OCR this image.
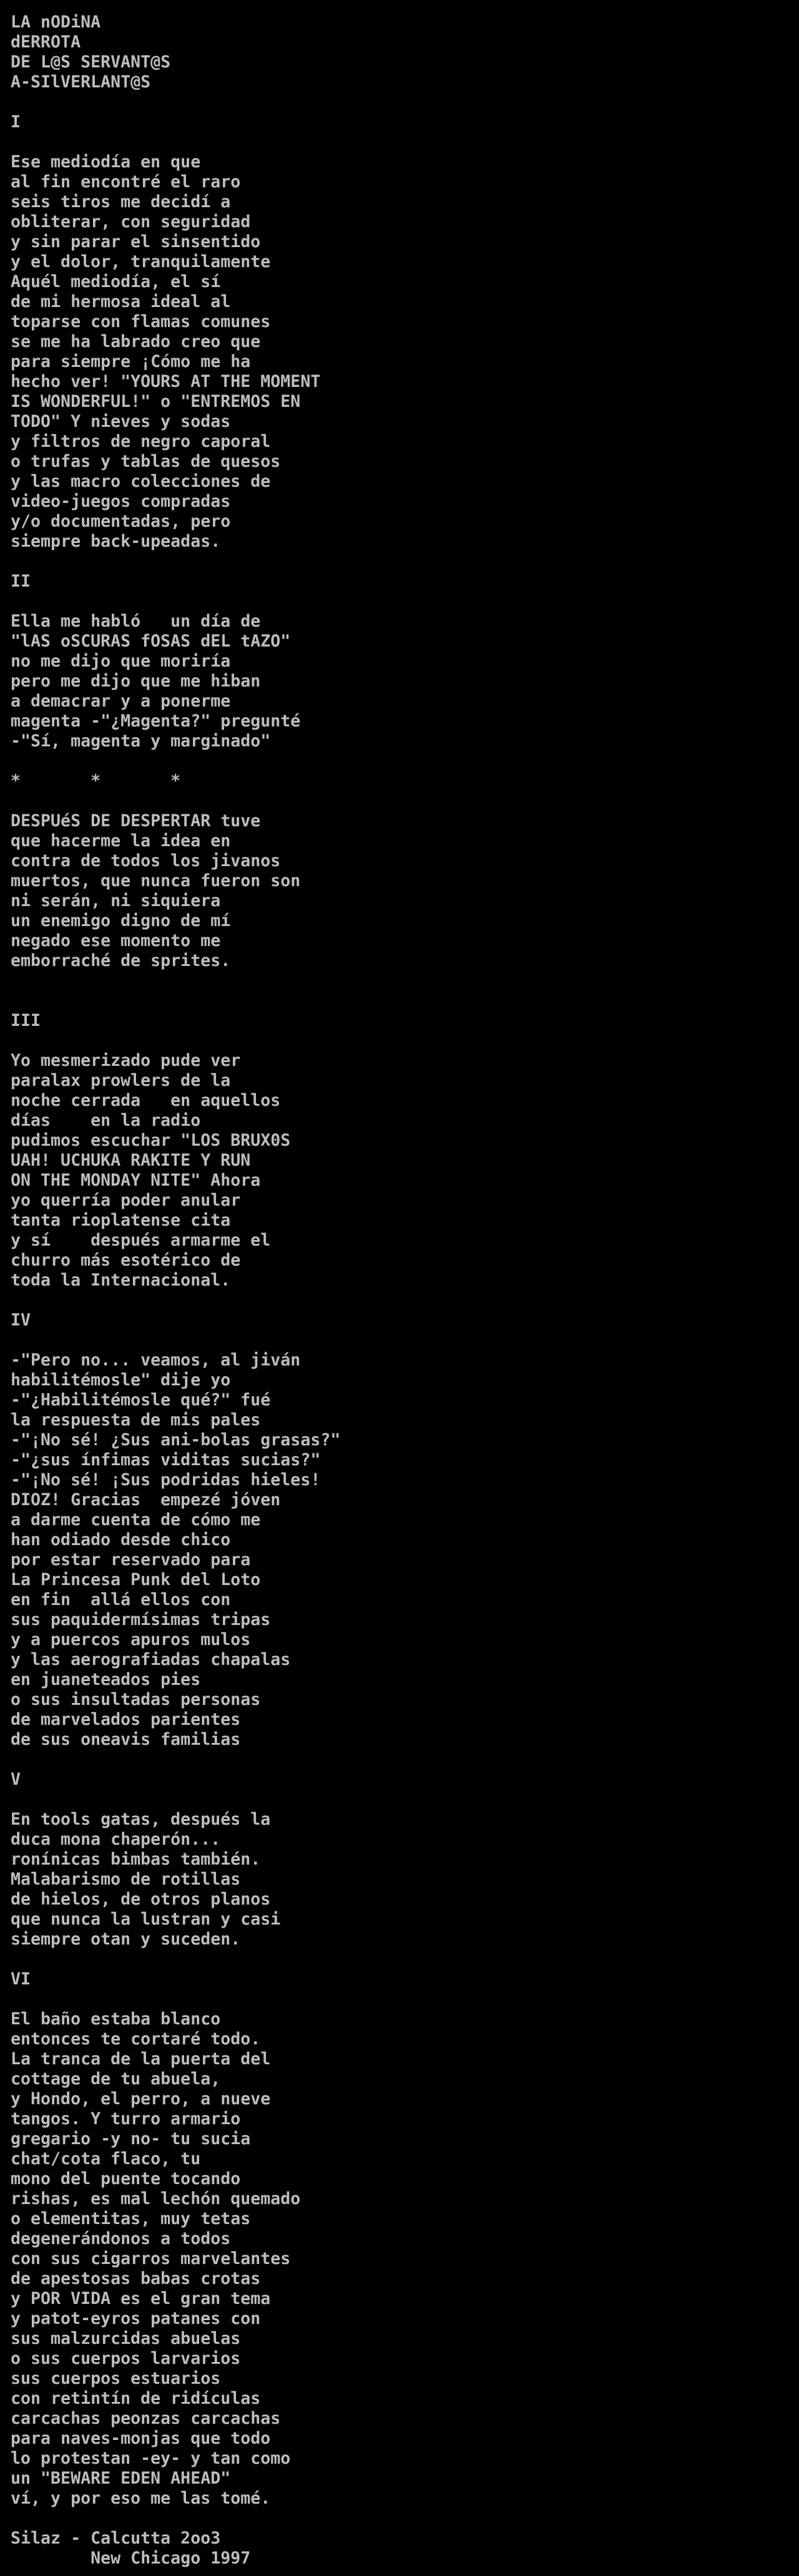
LA nODiNA
dERROTA
DE L@S SERVANT@S
A-SIlVERLANT@S
I
Ese mediodía en que
al fin encontré el raro
seis tiros me decidí a
obliterar, con seguridad
y sin parar el sinsentido
y el dolor, tranquilamente
Aquél mediodía, el sí
de mi hermosa ideal al
toparse con flamas comunes
se me ha labrado creo que
para siempre ¡Cómo me ha
hecho ver! "YOURS AT THE MOMENT
IS WONDERFUL!" o "ENTREMOS EN
TODO" Y nieves y sodas
y filtros de negro caporal
o trufas y tablas de quesos
y las macro colecciones de
video-juegos compradas
y/o documentadas, pero
siempre back-upeadas.
II
Ella me habló   un día de
"lAS oSCURAS fOSAS dEL tAZO"
no me dijo que moriría
pero me dijo que me hiban
a demacrar y a ponerme
magenta -"¿Magenta?" pregunté
-"Sí, magenta y marginado"
*       *       *
DESPUéS DE DESPERTAR tuve
que hacerme la idea en
contra de todos los jivanos
muertos, que nunca fueron son
ni serán, ni siquiera
un enemigo digno de mí
negado ese momento me
emborraché de sprites.
III
Yo mesmerizado pude ver
paralax prowlers de la
noche cerrada   en aquellos
días    en la radio
pudimos escuchar "LOS BRUX0S
UAH! UCHUKA RAKITE Y RUN
ON THE MONDAY NITE" Ahora
yo querría poder anular
tanta rioplatense cita
y sí    después armarme el
churro más esotérico de
toda la Internacional.
IV
-"Pero no... veamos, al jiván
habilitémosle" dije yo
-"¿Habilitémosle qué?" fué
la respuesta de mis pales
-"¡No sé! ¿Sus ani-bolas grasas?"
-"¿sus ínfimas viditas sucias?"
-"¡No sé! ¡Sus podridas hieles!
DIOZ! Gracias  empezé jóven
a darme cuenta de cómo me
han odiado desde chico
por estar reservado para
La Princesa Punk del Loto
en fin  allá ellos con
sus paquidermísimas tripas
y a puercos apuros mulos
y las aerografiadas chapalas
en juaneteados pies
o sus insultadas personas
de marvelados parientes
de sus oneavis familias
V
En tools gatas, después la
duca mona chaperón...
ronínicas bimbas también.
Malabarismo de rotillas
de hielos, de otros planos
que nunca la lustran y casi
siempre otan y suceden.
VI
El baño estaba blanco
entonces te cortaré todo.
La tranca de la puerta del
cottage de tu abuela,
y Hondo, el perro, a nueve
tangos. Y turro armario
gregario -y no- tu sucia
chat/cota flaco, tu
mono del puente tocando
rishas, es mal lechón quemado
o elementitas, muy tetas
degenerándonos a todos
con sus cigarros marvelantes
de apestosas babas crotas
y POR VIDA es el gran tema
y patot-eyros patanes con
sus malzurcidas abuelas
o sus cuerpos larvarios
sus cuerpos estuarios
con retintín de ridículas
carcachas peonzas carcachas
para naves-monjas que todo
lo protestan -ey- y tan como
un "BEWARE EDEN AHEAD"
ví, y por eso me las tomé.
Silaz - Calcutta 2oo3
New Chicago 1997
